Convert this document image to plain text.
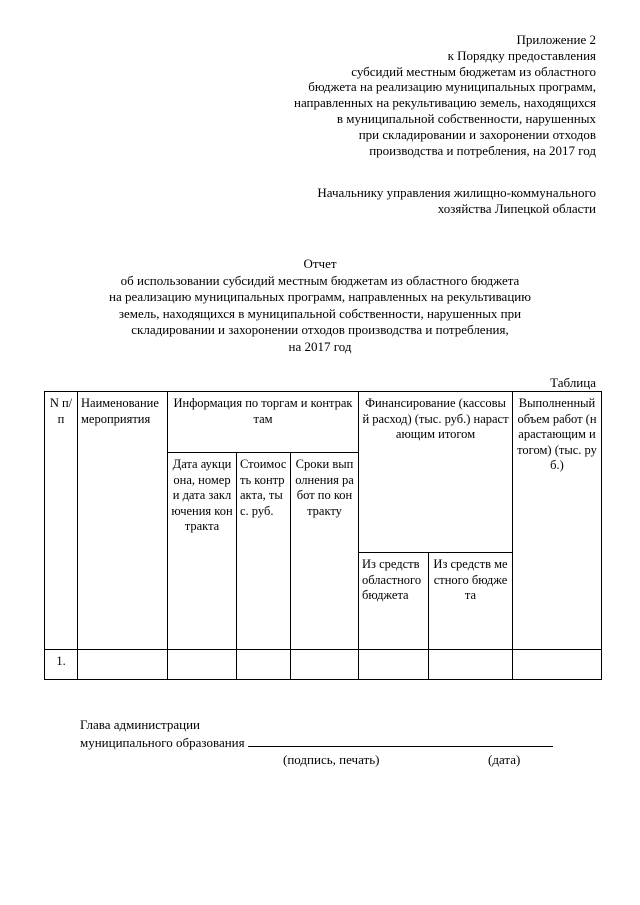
Приложение 2
к Порядку предоставления
субсидий местным бюджетам из областного
бюджета на реализацию муниципальных программ,
направленных на рекультивацию земель, находящихся
в муниципальной собственности, нарушенных
при складировании и захоронении отходов
производства и потребления, на 2017 год
Начальнику управления жилищно-коммунального
хозяйства Липецкой области
Отчет
об использовании субсидий местным бюджетам из областного бюджета
на реализацию муниципальных программ, направленных на рекультивацию
земель, находящихся в муниципальной собственности, нарушенных при
складировании и захоронении отходов производства и потребления,
на 2017 год
Таблица
N п/п	Наименование мероприятия	Информация по торгам и контрактам			Финансирование (кассовый расход) (тыс. руб.) нарастающим итогом		Выполненный объем работ (нарастающим итогом) (тыс. руб.)
		Дата аукциона, номер и дата заключения контракта	Стоимость контракта, тыс. руб.	Сроки выполнения работ по контракту			
					Из средств областного бюджета	Из средств местного бюджета	
1.							
Глава администрации
муниципального образования
(подпись, печать)	(дата)
